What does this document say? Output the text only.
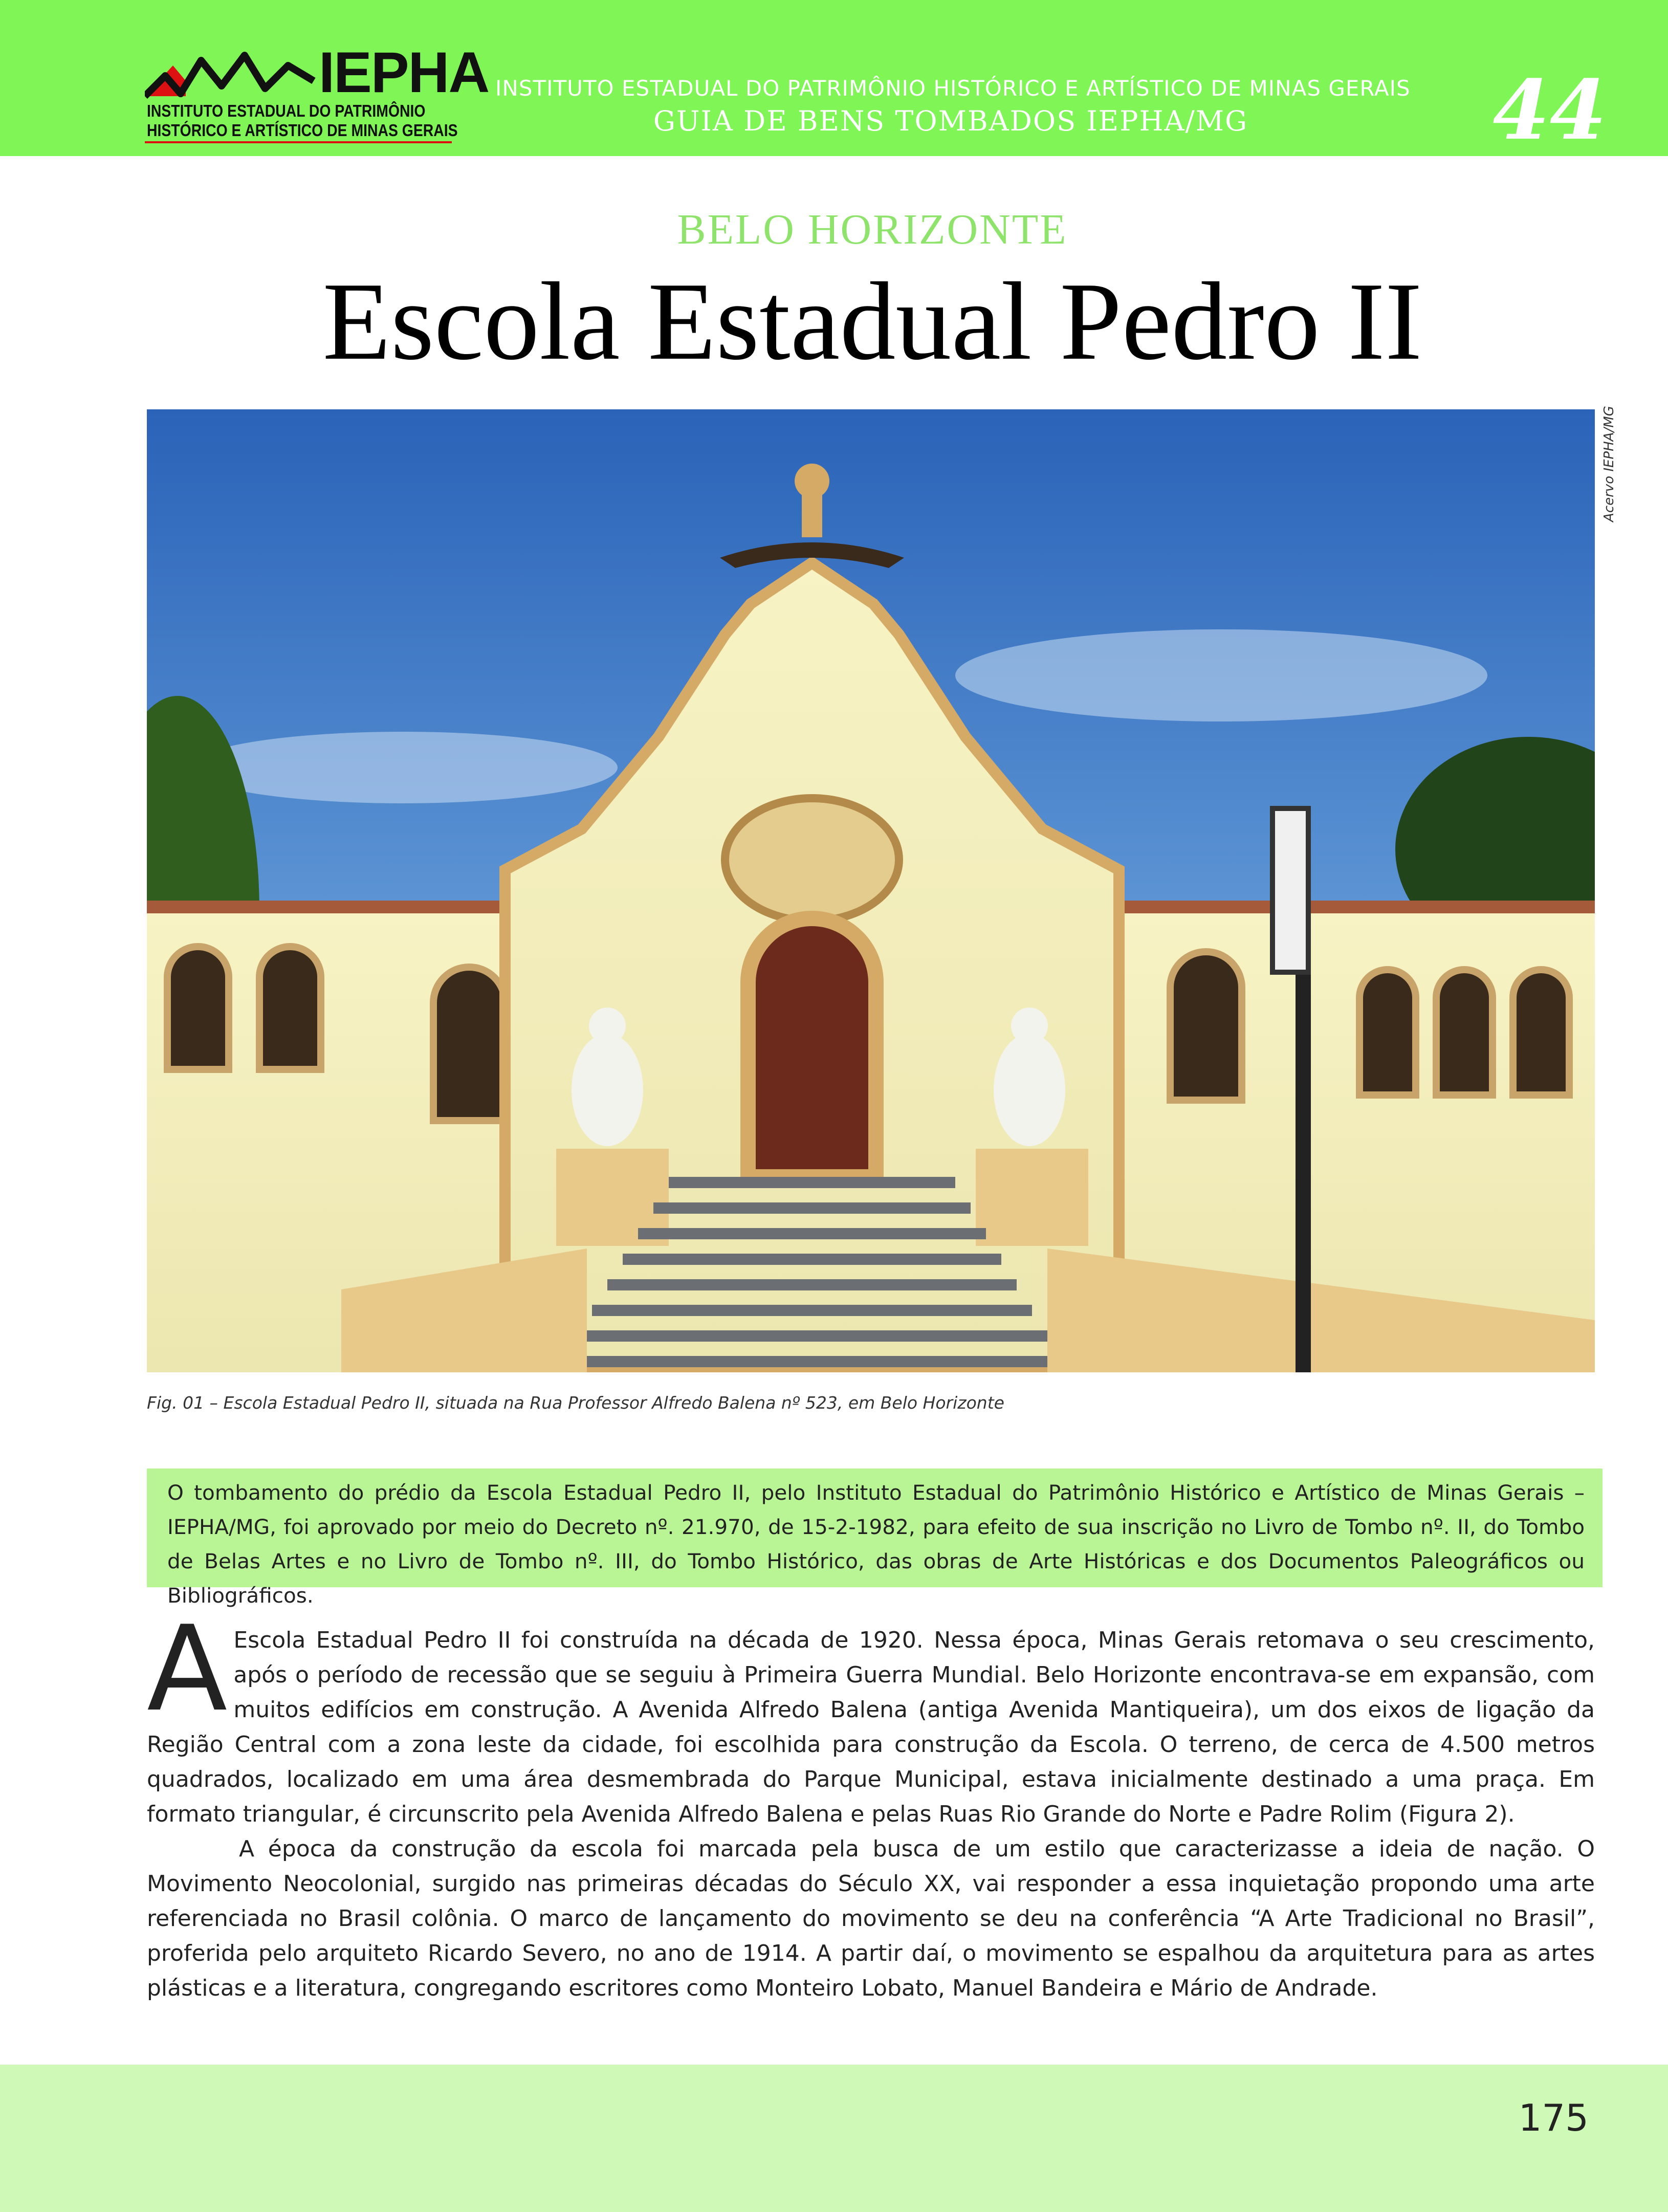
IEPHA
INSTITUTO ESTADUAL DO PATRIMÔNIO
HISTÓRICO E ARTÍSTICO DE MINAS GERAIS
INSTITUTO ESTADUAL DO PATRIMÔNIO HISTÓRICO E ARTÍSTICO DE MINAS GERAIS
GUIA DE BENS TOMBADOS IEPHA/MG	44
BELO HORIZONTE
Escola Estadual Pedro II
Acervo IEPHA/MG
Fig. 01 – Escola Estadual Pedro II, situada na Rua Professor Alfredo Balena nº 523, em Belo Horizonte

O tombamento do prédio da Escola Estadual Pedro II, pelo Instituto Estadual do Patrimônio Histórico e Artístico de Minas Gerais – IEPHA/MG, foi aprovado por meio do Decreto nº. 21.970, de 15-2-1982, para efeito de sua inscrição no Livro de Tombo nº. II, do Tombo de Belas Artes e no Livro de Tombo nº. III, do Tombo Histórico, das obras de Arte Históricas e dos Documentos Paleográficos ou Bibliográficos.

A Escola Estadual Pedro II foi construída na década de 1920. Nessa época, Minas Gerais retomava o seu crescimento, após o período de recessão que se seguiu à Primeira Guerra Mundial. Belo Horizonte encontrava-se em expansão, com muitos edifícios em construção. A Avenida Alfredo Balena (antiga Avenida Mantiqueira), um dos eixos de ligação da Região Central com a zona leste da cidade, foi escolhida para construção da Escola. O terreno, de cerca de 4.500 metros quadrados, localizado em uma área desmembrada do Parque Municipal, estava inicialmente destinado a uma praça. Em formato triangular, é circunscrito pela Avenida Alfredo Balena e pelas Ruas Rio Grande do Norte e Padre Rolim (Figura 2).

A época da construção da escola foi marcada pela busca de um estilo que caracterizasse a ideia de nação. O Movimento Neocolonial, surgido nas primeiras décadas do Século XX, vai responder a essa inquietação propondo uma arte referenciada no Brasil colônia. O marco de lançamento do movimento se deu na conferência “A Arte Tradicional no Brasil”, proferida pelo arquiteto Ricardo Severo, no ano de 1914. A partir daí, o movimento se espalhou da arquitetura para as artes plásticas e a literatura, congregando escritores como Monteiro Lobato, Manuel Bandeira e Mário de Andrade.

175
